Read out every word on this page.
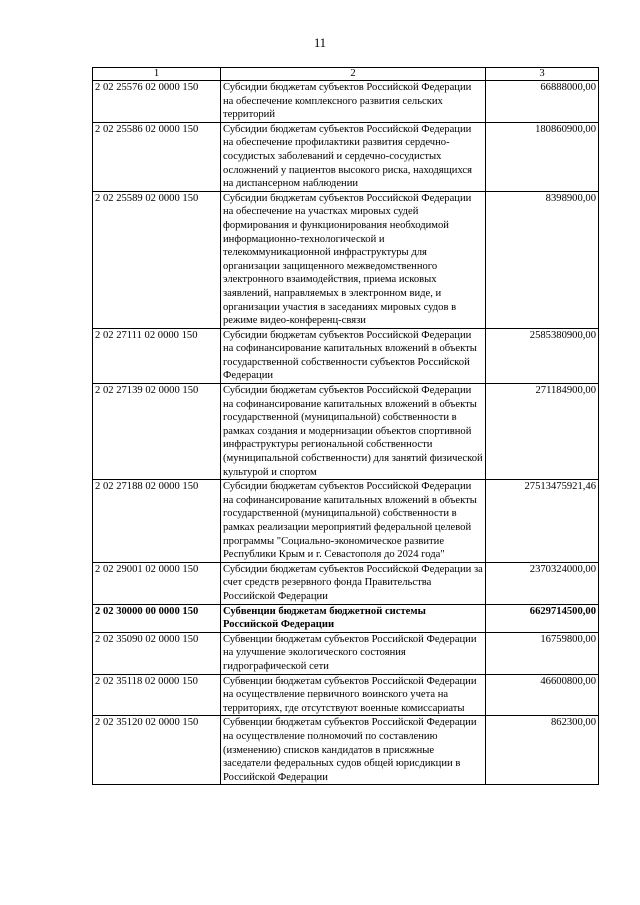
11
1	2	3
2 02 25576 02 0000 150	Субсидии бюджетам субъектов Российской Федерации на обеспечение комплексного развития сельских территорий	66888000,00
2 02 25586 02 0000 150	Субсидии бюджетам субъектов Российской Федерации на обеспечение профилактики развития сердечно-сосудистых заболеваний и сердечно-сосудистых осложнений у пациентов высокого риска, находящихся на диспансерном наблюдении	180860900,00
2 02 25589 02 0000 150	Субсидии бюджетам субъектов Российской Федерации на обеспечение на участках мировых судей формирования и функционирования необходимой информационно-технологической и телекоммуникационной инфраструктуры для организации защищенного межведомственного электронного взаимодействия, приема исковых заявлений, направляемых в электронном виде, и организации участия в заседаниях мировых судов в режиме видео-конференц-связи	8398900,00
2 02 27111 02 0000 150	Субсидии бюджетам субъектов Российской Федерации на софинансирование капитальных вложений в объекты государственной собственности субъектов Российской Федерации	2585380900,00
2 02 27139 02 0000 150	Субсидии бюджетам субъектов Российской Федерации на софинансирование капитальных вложений в объекты государственной (муниципальной) собственности в рамках создания и модернизации объектов спортивной инфраструктуры региональной собственности (муниципальной собственности) для занятий физической культурой и спортом	271184900,00
2 02 27188 02 0000 150	Субсидии бюджетам субъектов Российской Федерации на софинансирование капитальных вложений в объекты государственной (муниципальной) собственности в рамках реализации мероприятий федеральной целевой программы "Социально-экономическое развитие Республики Крым и г. Севастополя до 2024 года"	27513475921,46
2 02 29001 02 0000 150	Субсидии бюджетам субъектов Российской Федерации за счет средств резервного фонда Правительства Российской Федерации	2370324000,00
2 02 30000 00 0000 150	Субвенции бюджетам бюджетной системы Российской Федерации	6629714500,00
2 02 35090 02 0000 150	Субвенции бюджетам субъектов Российской Федерации на улучшение экологического состояния гидрографической сети	16759800,00
2 02 35118 02 0000 150	Субвенции бюджетам субъектов Российской Федерации на осуществление первичного воинского учета на территориях, где отсутствуют военные комиссариаты	46600800,00
2 02 35120 02 0000 150	Субвенции бюджетам субъектов Российской Федерации на осуществление полномочий по составлению (изменению) списков кандидатов в присяжные заседатели федеральных судов общей юрисдикции в Российской Федерации	862300,00
